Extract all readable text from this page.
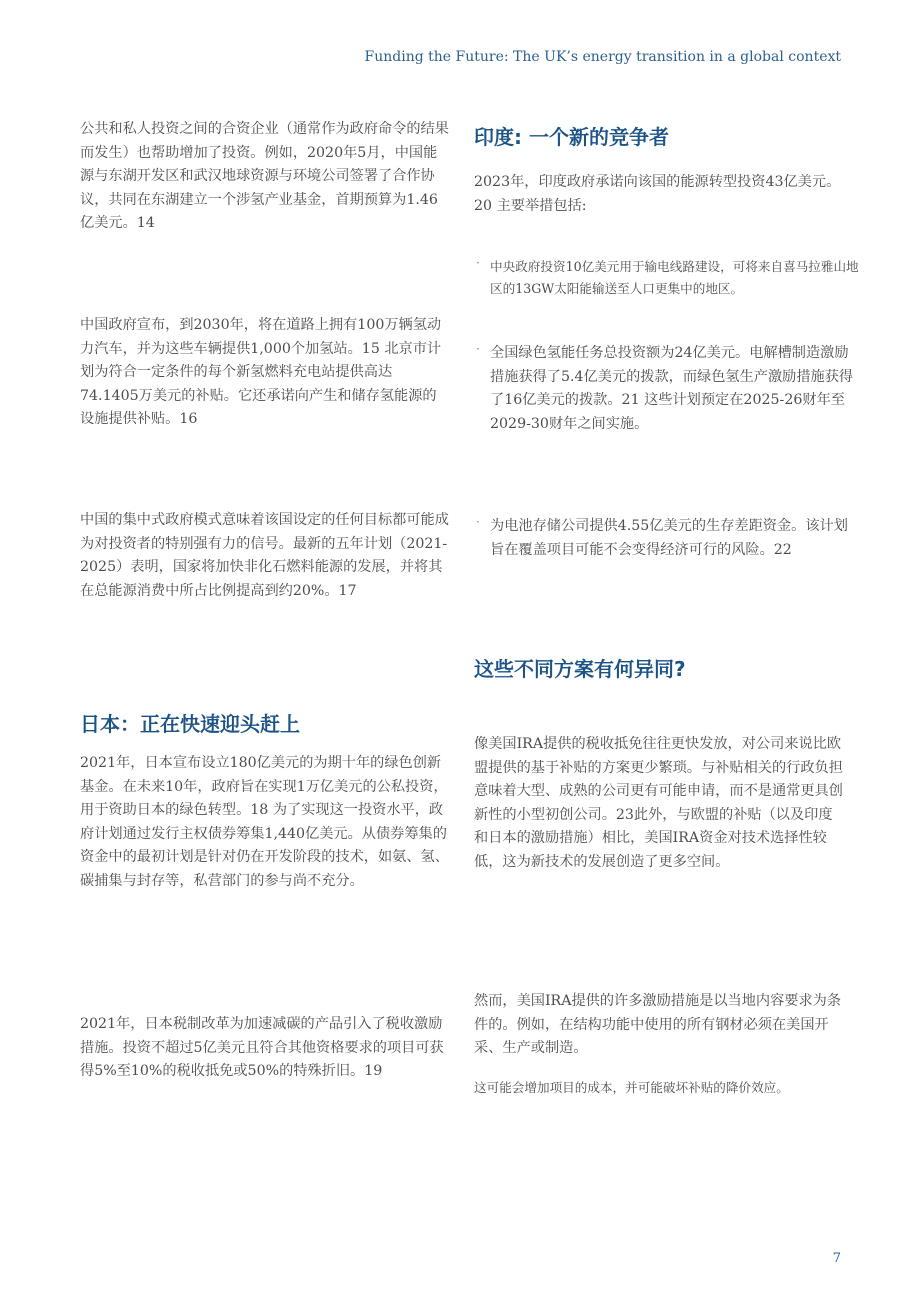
Funding the Future: The UK’s energy transition in a global context

公共和私人投资之间的合资企业（通常作为政府命令的结果而发生）也帮助增加了投资。例如，2020年5月，中国能源与东湖开发区和武汉地球资源与环境公司签署了合作协议，共同在东湖建立一个涉氢产业基金，首期预算为1.46亿美元。14

中国政府宣布，到2030年，将在道路上拥有100万辆氢动力汽车，并为这些车辆提供1,000个加氢站。15 北京市计划为符合一定条件的每个新氢燃料充电站提供高达74.1405万美元的补贴。它还承诺向产生和储存氢能源的设施提供补贴。16

中国的集中式政府模式意味着该国设定的任何目标都可能成为对投资者的特别强有力的信号。最新的五年计划（2021-2025）表明，国家将加快非化石燃料能源的发展，并将其在总能源消费中所占比例提高到约20%。17

日本：正在快速迎头赶上

2021年，日本宣布设立180亿美元的为期十年的绿色创新基金。在未来10年，政府旨在实现1万亿美元的公私投资，用于资助日本的绿色转型。18 为了实现这一投资水平，政府计划通过发行主权债券筹集1,440亿美元。从债券筹集的资金中的最初计划是针对仍在开发阶段的技术，如氨、氢、碳捕集与封存等，私营部门的参与尚不充分。

2021年，日本税制改革为加速减碳的产品引入了税收激励措施。投资不超过5亿美元且符合其他资格要求的项目可获得5%至10%的税收抵免或50%的特殊折旧。19

印度: 一个新的竞争者

2023年，印度政府承诺向该国的能源转型投资43亿美元。20 主要举措包括:

· 中央政府投资10亿美元用于输电线路建设，可将来自喜马拉雅山地区的13GW太阳能输送至人口更集中的地区。

· 全国绿色氢能任务总投资额为24亿美元。电解槽制造激励措施获得了5.4亿美元的拨款，而绿色氢生产激励措施获得了16亿美元的拨款。21 这些计划预定在2025-26财年至2029-30财年之间实施。

· 为电池存储公司提供4.55亿美元的生存差距资金。该计划旨在覆盖项目可能不会变得经济可行的风险。22

这些不同方案有何异同?

像美国IRA提供的税收抵免往往更快发放，对公司来说比欧盟提供的基于补贴的方案更少繁琐。与补贴相关的行政负担意味着大型、成熟的公司更有可能申请，而不是通常更具创新性的小型初创公司。23此外，与欧盟的补贴（以及印度和日本的激励措施）相比，美国IRA资金对技术选择性较低，这为新技术的发展创造了更多空间。

然而，美国IRA提供的许多激励措施是以当地内容要求为条件的。例如，在结构功能中使用的所有钢材必须在美国开采、生产或制造。

这可能会增加项目的成本，并可能破坏补贴的降价效应。

7
